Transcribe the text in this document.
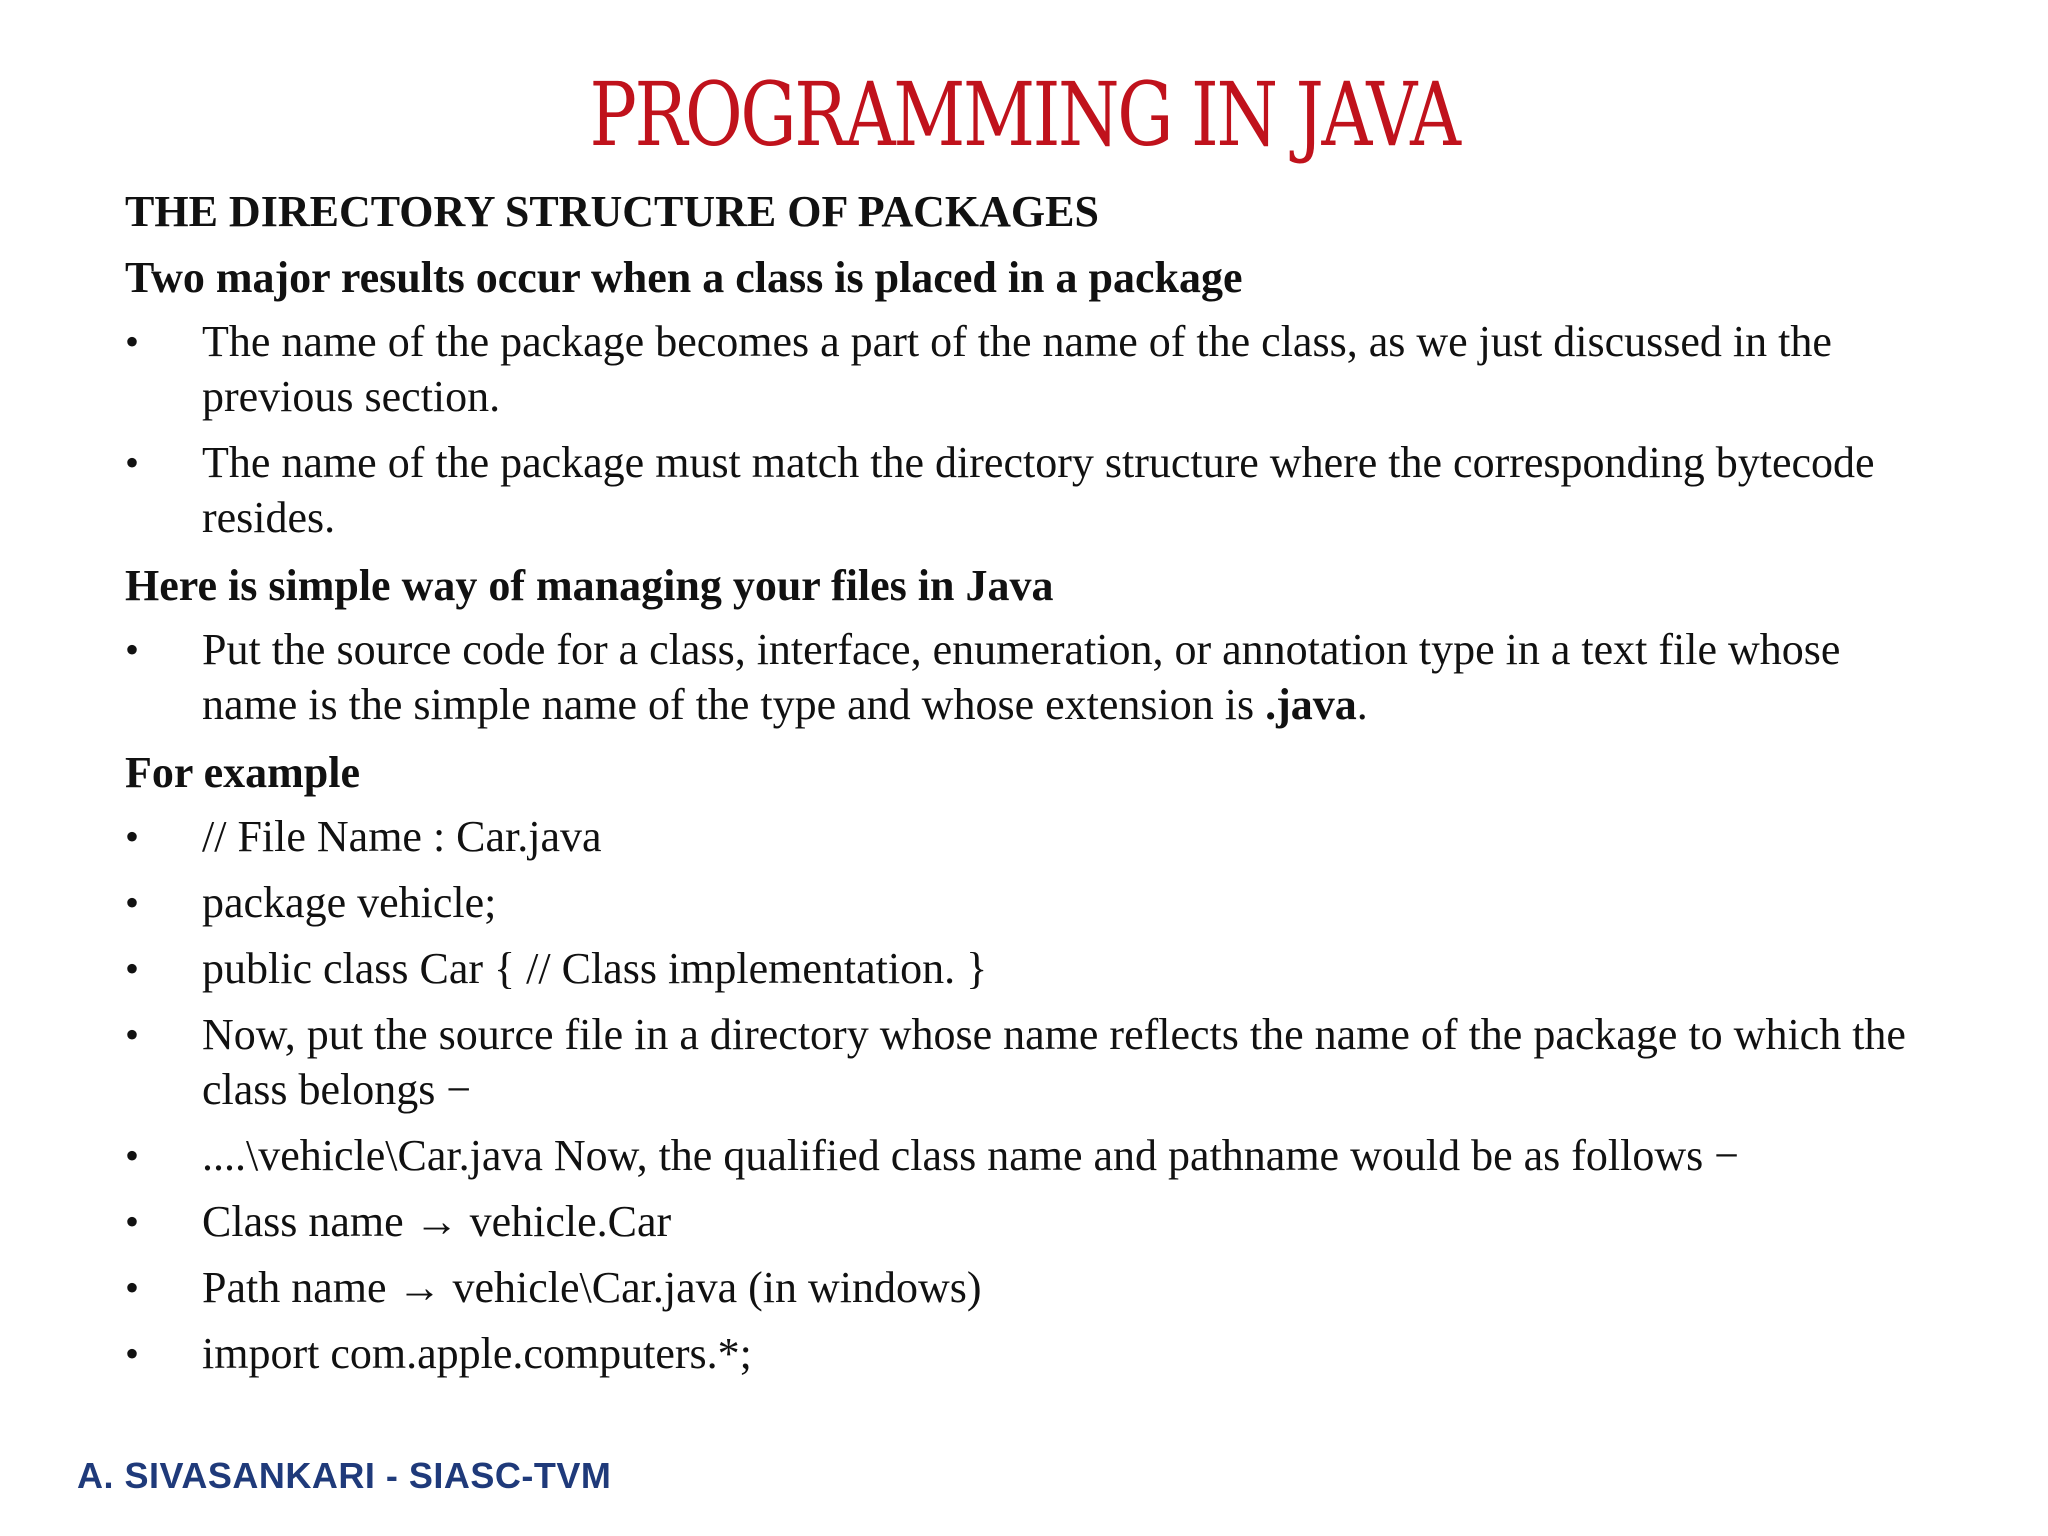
PROGRAMMING IN JAVA
THE DIRECTORY STRUCTURE OF PACKAGES
Two major results occur when a class is placed in a package
• The name of the package becomes a part of the name of the class, as we just discussed in the previous section.
• The name of the package must match the directory structure where the corresponding bytecode resides.
Here is simple way of managing your files in Java
• Put the source code for a class, interface, enumeration, or annotation type in a text file whose name is the simple name of the type and whose extension is .java.
For example
• // File Name : Car.java
• package vehicle;
• public class Car { // Class implementation. }
• Now, put the source file in a directory whose name reflects the name of the package to which the class belongs −
• ....\vehicle\Car.java Now, the qualified class name and pathname would be as follows −
• Class name → vehicle.Car
• Path name → vehicle\Car.java (in windows)
• import com.apple.computers.*;
A. SIVASANKARI - SIASC-TVM
